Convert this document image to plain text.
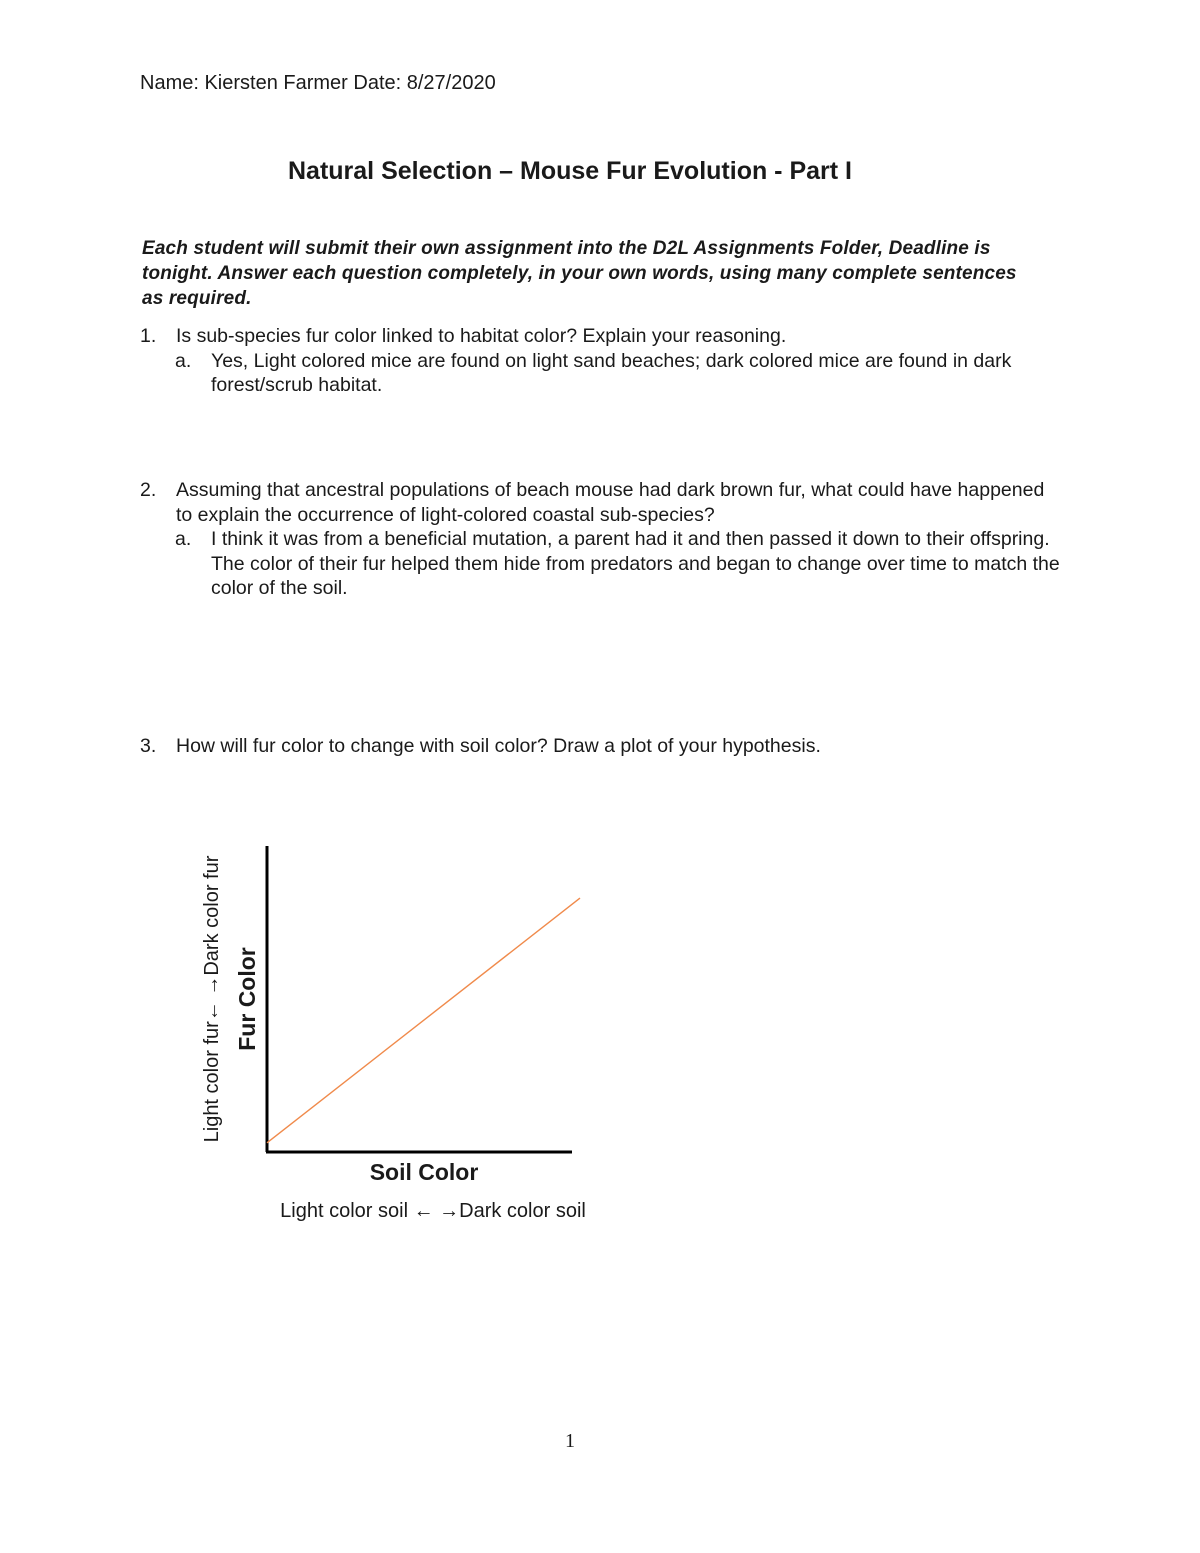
Name: Kiersten Farmer Date: 8/27/2020

Natural Selection – Mouse Fur Evolution - Part I

Each student will submit their own assignment into the D2L Assignments Folder, Deadline is tonight. Answer each question completely, in your own words, using many complete sentences as required.

1. Is sub-species fur color linked to habitat color? Explain your reasoning.
a. Yes, Light colored mice are found on light sand beaches; dark colored mice are found in dark forest/scrub habitat.
2. Assuming that ancestral populations of beach mouse had dark brown fur, what could have happened to explain the occurrence of light-colored coastal sub-species?
a. I think it was from a beneficial mutation, a parent had it and then passed it down to their offspring. The color of their fur helped them hide from predators and began to change over time to match the color of the soil.
3. How will fur color to change with soil color? Draw a plot of your hypothesis.
Soil Color
Light color soil ← →Dark color soil
Fur Color
Light color fur← →Dark color fur

1
